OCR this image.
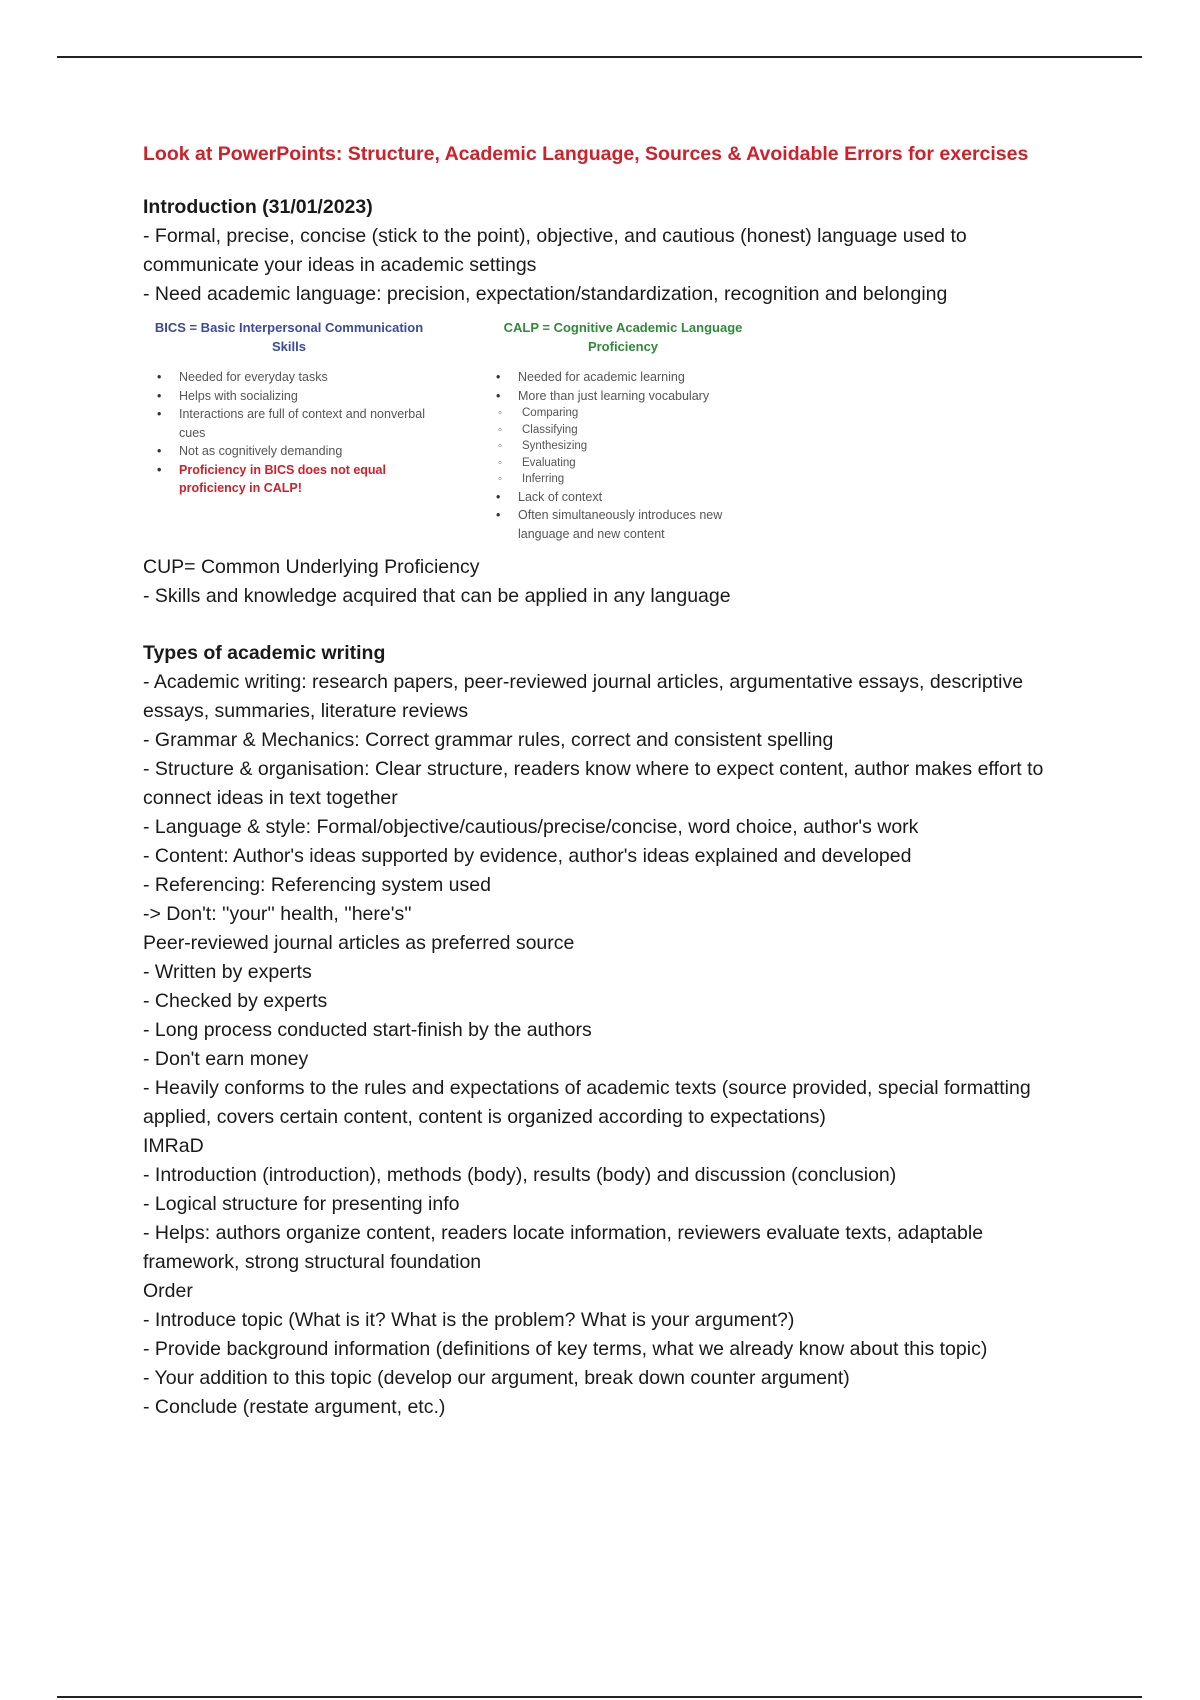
Look at PowerPoints: Structure, Academic Language, Sources & Avoidable Errors for exercises
Introduction (31/01/2023)
- Formal, precise, concise (stick to the point), objective, and cautious (honest) language used to communicate your ideas in academic settings
- Need academic language: precision, expectation/standardization, recognition and belonging
BICS = Basic Interpersonal Communication Skills
• Needed for everyday tasks
• Helps with socializing
• Interactions are full of context and nonverbal cues
• Not as cognitively demanding
• Proficiency in BICS does not equal proficiency in CALP!
CALP = Cognitive Academic Language Proficiency
• Needed for academic learning
• More than just learning vocabulary
◦ Comparing
◦ Classifying
◦ Synthesizing
◦ Evaluating
◦ Inferring
• Lack of context
• Often simultaneously introduces new language and new content
CUP= Common Underlying Proficiency
- Skills and knowledge acquired that can be applied in any language
Types of academic writing
- Academic writing: research papers, peer-reviewed journal articles, argumentative essays, descriptive essays, summaries, literature reviews
- Grammar & Mechanics: Correct grammar rules, correct and consistent spelling
- Structure & organisation: Clear structure, readers know where to expect content, author makes effort to connect ideas in text together
- Language & style: Formal/objective/cautious/precise/concise, word choice, author's work
- Content: Author's ideas supported by evidence, author's ideas explained and developed
- Referencing: Referencing system used
-> Don't: ''your'' health, ''here's''
Peer-reviewed journal articles as preferred source
- Written by experts
- Checked by experts
- Long process conducted start-finish by the authors
- Don't earn money
- Heavily conforms to the rules and expectations of academic texts (source provided, special formatting applied, covers certain content, content is organized according to expectations)
IMRaD
- Introduction (introduction), methods (body), results (body) and discussion (conclusion)
- Logical structure for presenting info
- Helps: authors organize content, readers locate information, reviewers evaluate texts, adaptable framework, strong structural foundation
Order
- Introduce topic (What is it? What is the problem? What is your argument?)
- Provide background information (definitions of key terms, what we already know about this topic)
- Your addition to this topic (develop our argument, break down counter argument)
- Conclude (restate argument, etc.)
